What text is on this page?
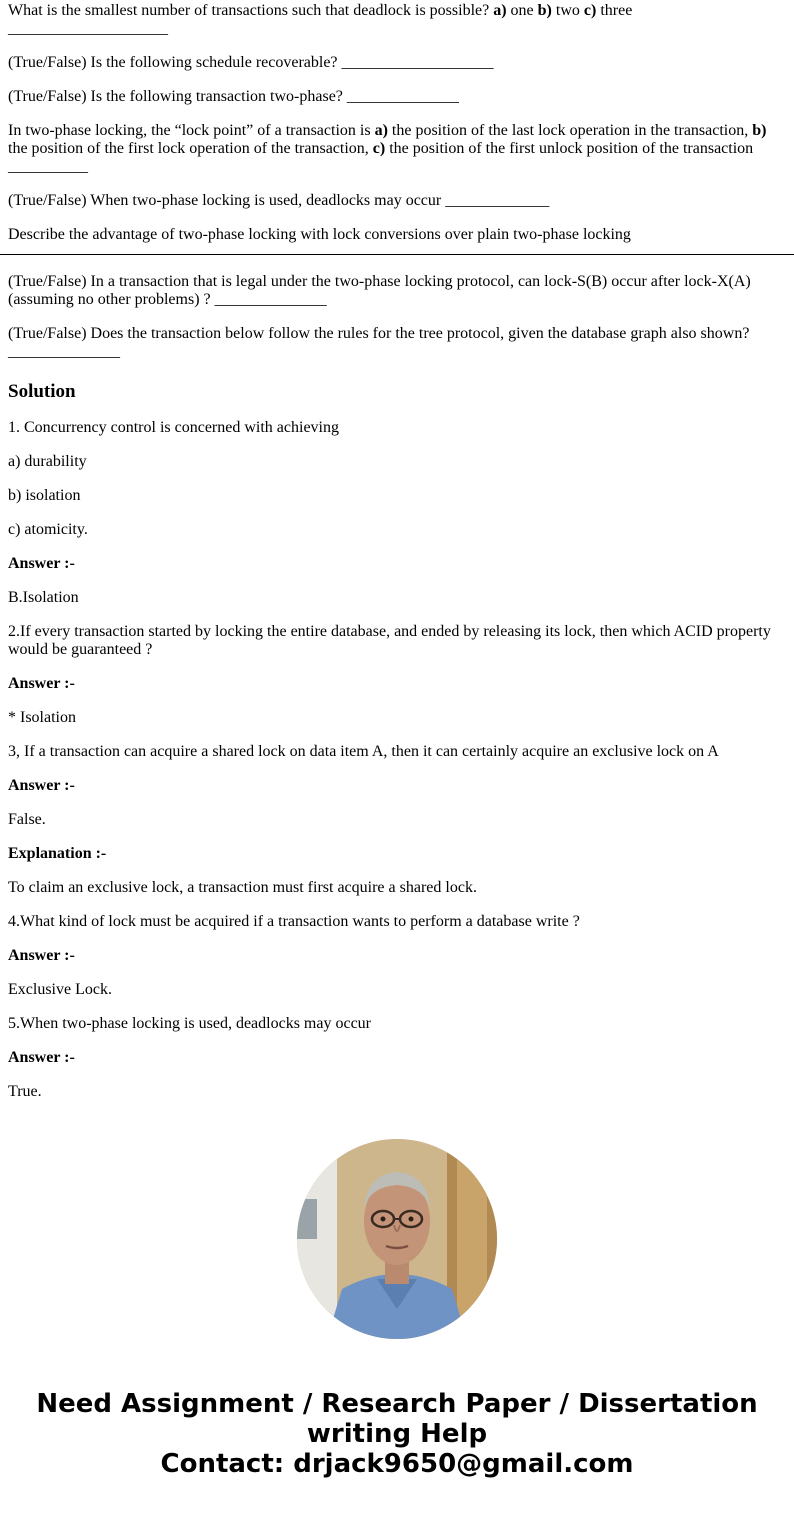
What is the smallest number of transactions such that deadlock is possible? a) one b) two c) three ____________________

(True/False) Is the following schedule recoverable? ___________________

(True/False) Is the following transaction two-phase? ______________

In two-phase locking, the “lock point” of a transaction is a) the position of the last lock operation in the transaction, b) the position of the first lock operation of the transaction, c) the position of the first unlock position of the transaction __________

(True/False) When two-phase locking is used, deadlocks may occur _____________

Describe the advantage of two-phase locking with lock conversions over plain two-phase locking

(True/False) In a transaction that is legal under the two-phase locking protocol, can lock-S(B) occur after lock-X(A) (assuming no other problems) ? ______________

(True/False) Does the transaction below follow the rules for the tree protocol, given the database graph also shown? ______________

Solution

1. Concurrency control is concerned with achieving

a) durability

b) isolation

c) atomicity.

Answer :-

B.Isolation

2.If every transaction started by locking the entire database, and ended by releasing its lock, then which ACID property would be guaranteed ?

Answer :-

* Isolation

3, If a transaction can acquire a shared lock on data item A, then it can certainly acquire an exclusive lock on A

Answer :-

False.

Explanation :-

To claim an exclusive lock, a transaction must first acquire a shared lock.

4.What kind of lock must be acquired if a transaction wants to perform a database write ?

Answer :-

Exclusive Lock.

5.When two-phase locking is used, deadlocks may occur

Answer :-

True.

Need Assignment / Research Paper / Dissertation writing Help
Contact: drjack9650@gmail.com
